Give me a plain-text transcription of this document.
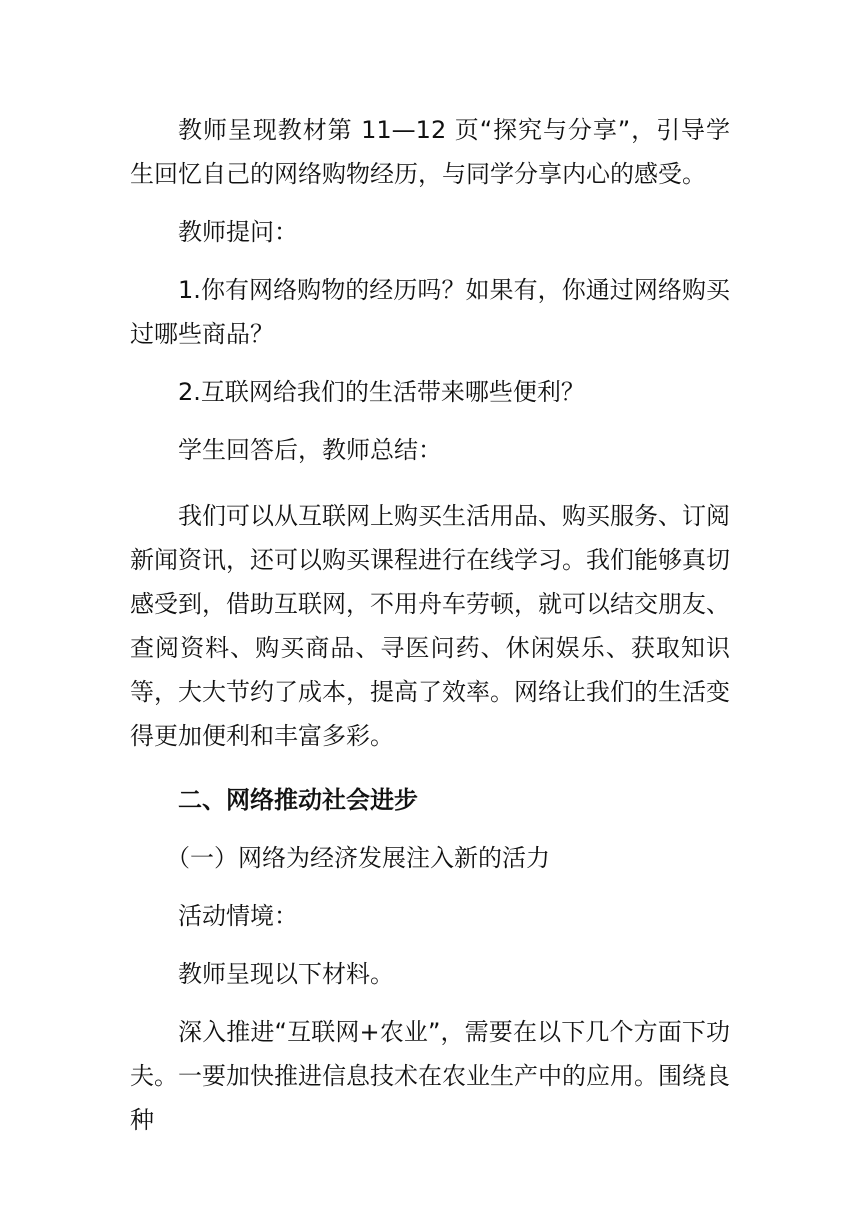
教师呈现教材第 11—12 页“探究与分享”，引导学生回忆自己的网络购物经历，与同学分享内心的感受。

教师提问：

1.你有网络购物的经历吗？如果有，你通过网络购买过哪些商品？

2.互联网给我们的生活带来哪些便利？

学生回答后，教师总结：

我们可以从互联网上购买生活用品、购买服务、订阅新闻资讯，还可以购买课程进行在线学习。我们能够真切感受到，借助互联网，不用舟车劳顿，就可以结交朋友、查阅资料、购买商品、寻医问药、休闲娱乐、获取知识等，大大节约了成本，提高了效率。网络让我们的生活变得更加便利和丰富多彩。

二、网络推动社会进步

（一）网络为经济发展注入新的活力

活动情境：

教师呈现以下材料。

深入推进“互联网+农业”，需要在以下几个方面下功夫。一要加快推进信息技术在农业生产中的应用。围绕良种
